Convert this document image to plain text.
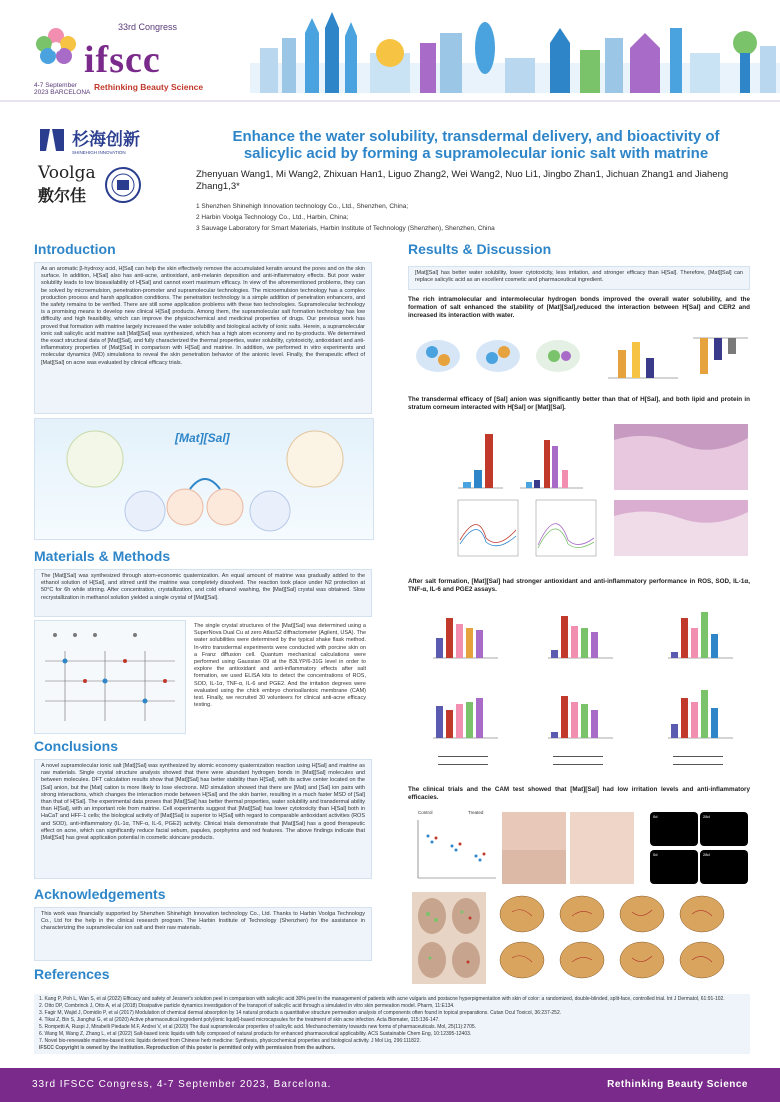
33rd Congress
ifscc
4-7 September
2023 BARCELONA
Rethinking Beauty Science
杉海创新
SHINEHIGH INNOVATION
Voolga
敷尔佳
Enhance the water solubility, transdermal delivery, and bioactivity of
salicylic acid by forming a supramolecular ionic salt with matrine
Zhenyuan Wang1, Mi Wang2, Zhixuan Han1, Liguo Zhang2, Wei Wang2, Nuo Li1, Jingbo Zhan1, Jichuan Zhang1 and Jiaheng Zhang1,3*
1 Shenzhen Shinehigh Innovation technology Co., Ltd., Shenzhen, China;
2 Harbin Voolga Technology Co., Ltd., Harbin, China;
3 Sauvage Laboratory for Smart Materials, Harbin Institute of Technology (Shenzhen), Shenzhen, China
Introduction
As an aromatic β-hydroxy acid, H[Sal] can help the skin effectively remove the accumulated keratin around the pores and on the skin surface. In addition, H[Sal] also has anti-acne, antioxidant, anti-melanin deposition and anti-inflammatory effects. But poor water solubility leads to low bioavailability of H[Sal] and cannot exert maximum efficacy. In view of the aforementioned problems, they can be solved by microemulsion, penetration-promoter and supramolecular technologies. The microemulsion technology has a complex production process and harsh application conditions. The penetration technology is a simple addition of penetration enhancers, and the safety remains to be verified. There are still some application problems with these two technologies. Supramolecular technology is a promising means to develop new clinical H[Sal] products. Among them, the supramolecular salt formation technology has low difficulty and high feasibility, which can improve the physicochemical and medicinal properties of drugs. Our previous work has proved that formation with matrine largely increased the water solubility and biological activity of ionic salts. Herein, a supramolecular ionic salt salicylic acid matrine salt [Mat][Sal] was synthesized, which has a high atom economy and no by-products. We determined the exact structural data of [Mat][Sal], and fully characterized the thermal properties, water solubility, cytotoxicity, antioxidant and anti-inflammatory properties of [Mat][Sal] in comparison with H[Sal] and matrine. In addition, we performed in vitro experiments and molecular dynamics (MD) simulations to reveal the skin penetration behavior of the anionic level. Finally, the therapeutic effect of [Mat][Sal] on acne was evaluated by clinical efficacy trials.
[Mat][Sal]
Materials & Methods
The [Mat][Sal] was synthesized through atom-economic quaternization. An equal amount of matrine was gradually added to the ethanol solution of H[Sal], and stirred until the matrine was completely dissolved. The reaction took place under N2 protection at 50°C for 6h while stirring. After concentration, crystallization, and cold ethanol washing, the [Mat][Sal] crystal was obtained. Slow recrystallization in methanol solution yielded a single crystal of [Mat][Sal].
The single crystal structures of the [Mat][Sal] was determined using a SuperNova Dual Cu at zero AtlasS2 diffractometer (Agilent, USA). The water solubilities were determined by the typical shake flask method. In-vitro transdermal experiments were conducted with porcine skin on a Franz diffusion cell. Quantum mechanical calculations were performed using Gaussian 09 at the B3LYP/6-31G level in order to explore the antioxidant and anti-inflammatory effects after salt formation, we used ELISA kits to detect the concentrations of ROS, SOD, IL-1α, TNF-α, IL-6 and PGE2. And the irritation degrees were evaluated using the chick embryo chorioallantoic membrane (CAM) test. Finally, we recruited 30 volunteers for clinical anti-acne efficacy testing.
Conclusions
A novel supramolecular ionic salt [Mat][Sal] was synthesized by atomic economy quaternization reaction using H[Sal] and matrine as raw materials. Single crystal structure analysis showed that there were abundant hydrogen bonds in [Mat][Sal] molecules and between molecules. DFT calculation results show that [Mat][Sal] has better stability than H[Sal], with its active center located on the [Sal] anion, but the [Mat] cation is more likely to lose electrons. MD simulation showed that there are [Mat] and [Sal] ion pairs with strong interactions, which changes the interaction mode between H[Sal] and the skin barrier, resulting in a much faster MSD of [Sal] than that of H[Sal]. The experimental data proves that [Mat][Sal] has better thermal properties, water solubility and transdermal ability than H[Sal], with an important role from matrine. Cell experiments suggest that [Mat][Sal] has lower cytotoxicity than H[Sal] both in HaCaT and HFF-1 cells; the biological activity of [Mat][Sal] is superior to H[Sal] with regard to comparable antioxidant activities (ROS and SOD), anti-inflammatory (IL-1α, TNF-α, IL-6, PGE2) activity. Clinical trials demonstrate that [Mat][Sal] has a good therapeutic effect on acne, which can significantly reduce facial sebum, papules, porphyrins and red features. The above findings indicate that [Mat][Sal] has great application potential in cosmetic skincare products.
Acknowledgements
This work was financially supported by Shenzhen Shinehigh Innovation technology Co., Ltd. Thanks to Harbin Voolga Technology Co., Ltd for the help in the clinical research program. The Harbin Institute of Technology (Shenzhen) for the assistance in characterizing the supramolecular ion salt and their raw materials.
Results & Discussion
[Mat][Sal] has better water solubility, lower cytotoxicity, less irritation, and stronger efficacy than H[Sal]. Therefore, [Mat][Sal] can replace salicylic acid as an excellent cosmetic and pharmaceutical ingredient.
The rich intramolecular and intermolecular hydrogen bonds improved the overall water solubility, and the formation of salt enhanced the stability of [Mat][Sal],reduced the interaction between H[Sal] and CER2 and increased its interaction with water.
The transdermal efficacy of [Sal] anion was significantly better than that of H[Sal], and both lipid and protein in stratum corneum interacted with H[Sal] or [Mat][Sal].
After salt formation, [Mat][Sal] had stronger antioxidant and anti-inflammatory performance in ROS, SOD, IL-1α, TNF-α, IL-6 and PGE2 assays.
The clinical trials and the CAM test showed that [Mat][Sal] had low irritation levels and anti-inflammatory efficacies.
Control	Treated
0d	28d
0d	28d
References
1. Kang P, Poh L, Wan S, et al (2022) Efficacy and safety of Jessner's solution peel in comparison with salicylic acid 30% peel in the management of patients with acne vulgaris and postacne hyperpigmentation with skin of color: a randomized, double-blinded, split-face, controlled trial. Int J Dermatol, 61:91-102.
2. Otto DP, Combrinck J, Otto A, et al (2018) Dissipative particle dynamics investigation of the transport of salicylic acid through a simulated in vitro skin permeation model. Pharm, 11:E134.
3. Fagir M, Wajid J, Domidio P, et al (2017) Modulation of chemical dermal absorption by 14 natural products a quantitative structure permeation analysis of components often found in topical preparations. Cutan Ocul Toxicol, 36:237-252.
4. Tikai Z, Bin S, Jianghui G, et al (2020) Active pharmaceutical ingredient poly(ionic liquid)-based microcapsules for the treatment of skin acne infection. Acta Biomater, 115:136-147.
5. Rompetti A, Ruspi J, Mirabelli Piedade M.F, Andrei V, et al (2020) The dual supramolecular properties of salicylic acid. Mechanochemistry towards new forms of pharmaceuticals. Mol, 25(11):2705.
6. Wang M, Wang Z, Zhang L, et al (2022) Salt-based ionic liquids with fully composed of natural products for enhanced pharmaceutical applicability. ACS Sustainable Chem Eng, 10:12395-12403.
7. Novel bio-renewable matrine-based ionic liquids derived from Chinese herb medicine: Synthesis, physicochemical properties and biological activity. J Mol Liq, 296:111822.
IFSCC Copyright is owned by the institution. Reproduction of this poster is permitted only with permission from the authors.
33rd IFSCC Congress, 4-7 September 2023, Barcelona.	Rethinking Beauty Science
